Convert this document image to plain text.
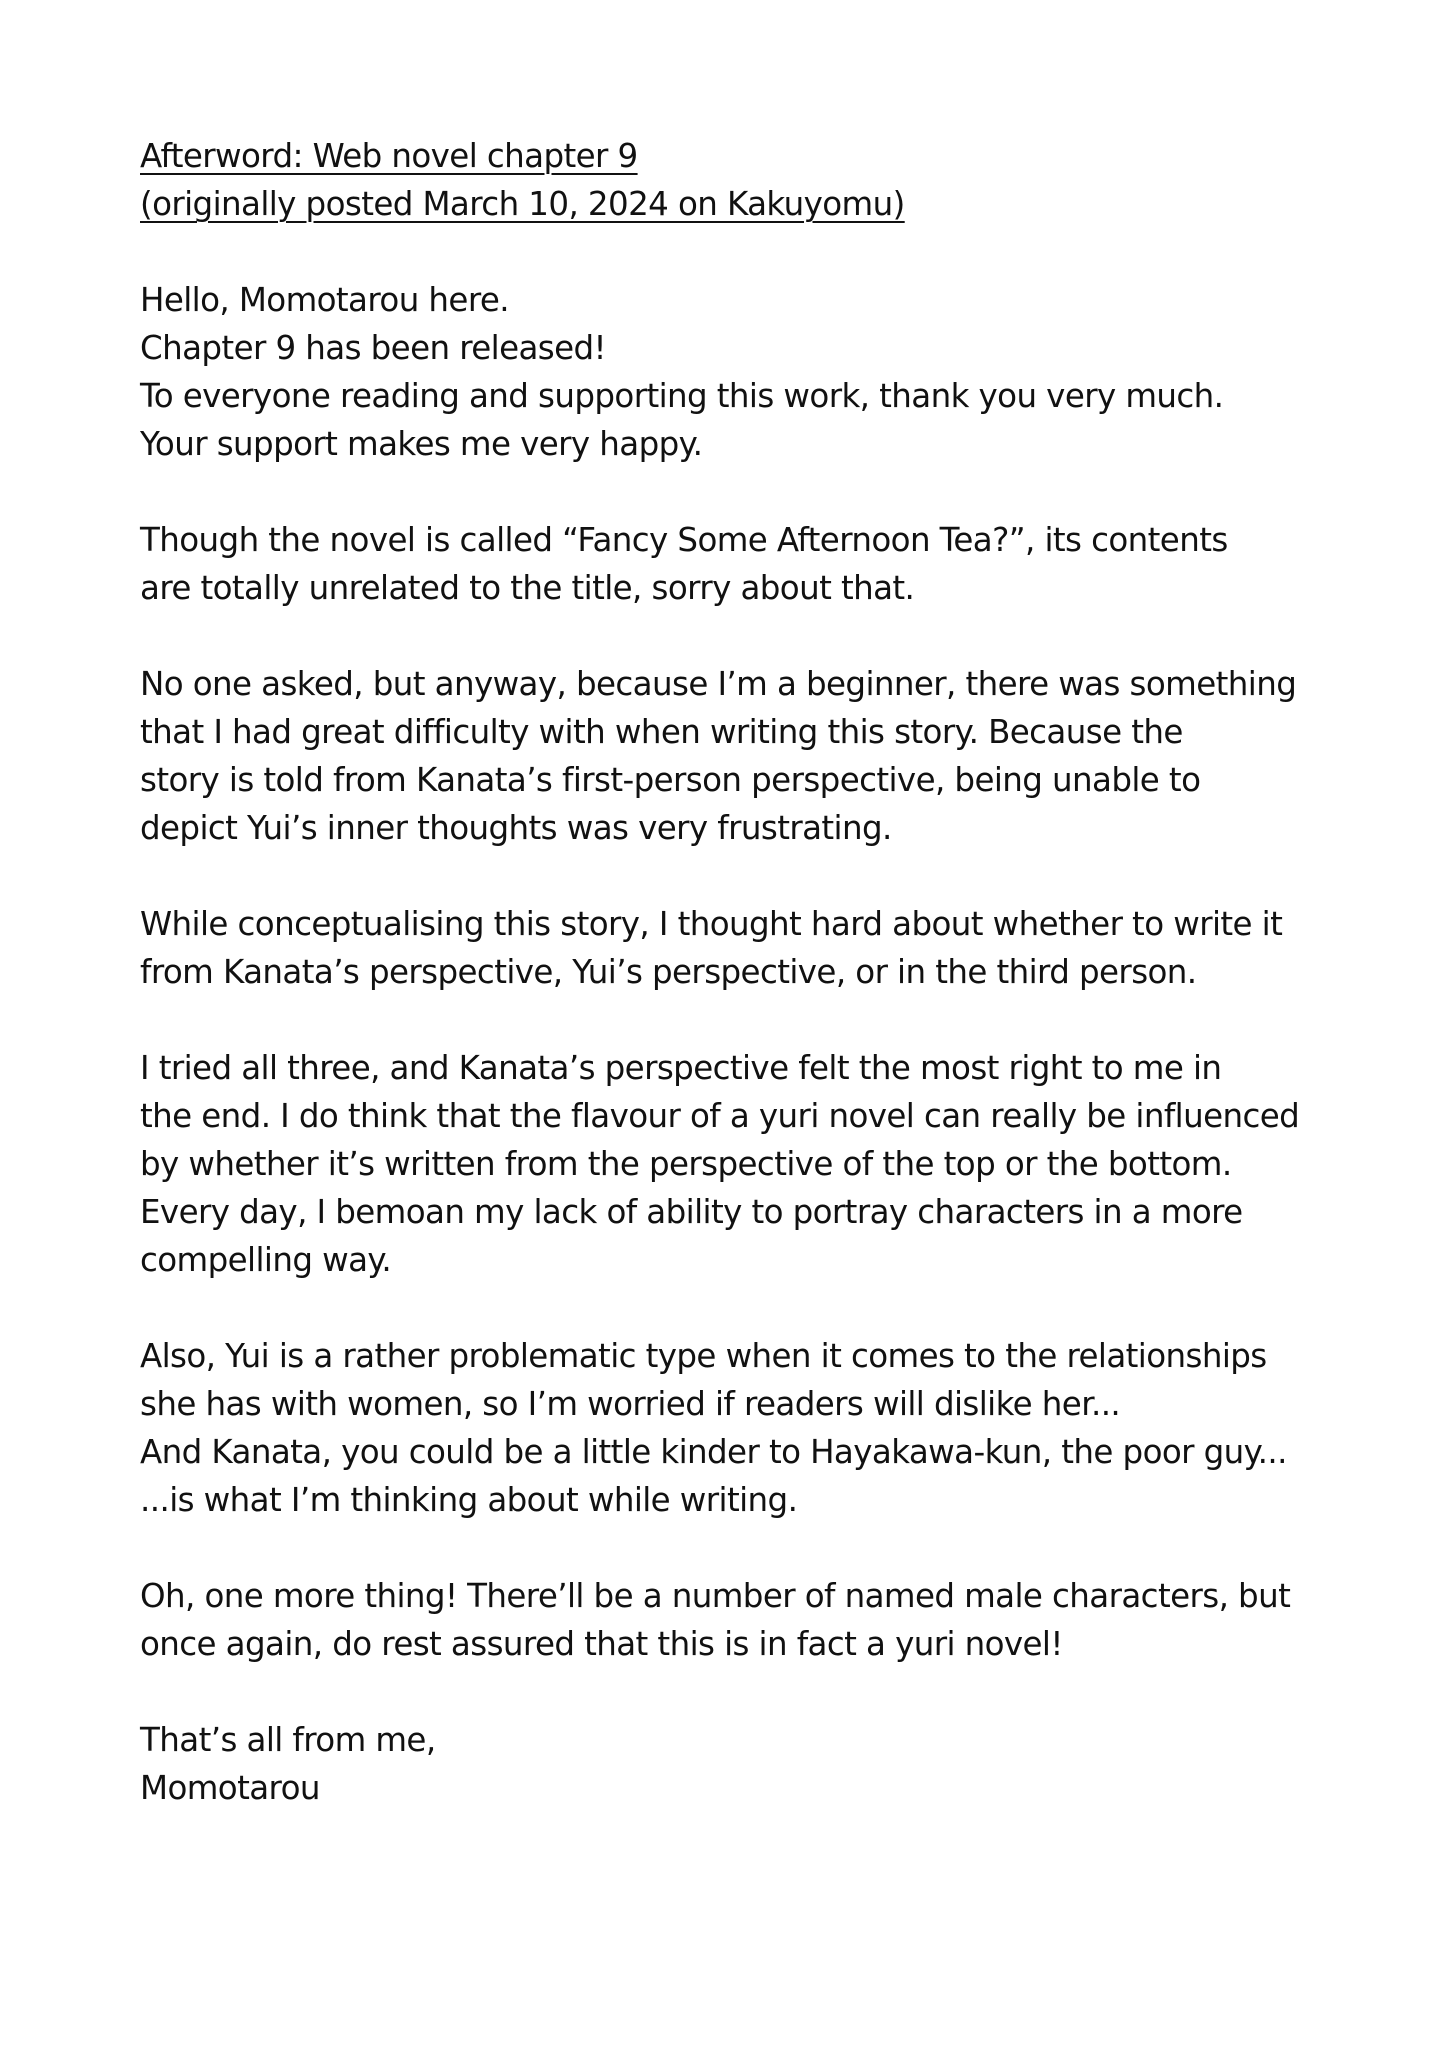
Afterword: Web novel chapter 9
(originally posted March 10, 2024 on Kakuyomu)
Hello, Momotarou here.
Chapter 9 has been released!
To everyone reading and supporting this work, thank you very much.
Your support makes me very happy.
Though the novel is called “Fancy Some Afternoon Tea?”, its contents
are totally unrelated to the title, sorry about that.
No one asked, but anyway, because I’m a beginner, there was something
that I had great difficulty with when writing this story. Because the
story is told from Kanata’s first-person perspective, being unable to
depict Yui’s inner thoughts was very frustrating.
While conceptualising this story, I thought hard about whether to write it
from Kanata’s perspective, Yui’s perspective, or in the third person.
I tried all three, and Kanata’s perspective felt the most right to me in
the end. I do think that the flavour of a yuri novel can really be influenced
by whether it’s written from the perspective of the top or the bottom.
Every day, I bemoan my lack of ability to portray characters in a more
compelling way.
Also, Yui is a rather problematic type when it comes to the relationships
she has with women, so I’m worried if readers will dislike her...
And Kanata, you could be a little kinder to Hayakawa-kun, the poor guy...
...is what I’m thinking about while writing.
Oh, one more thing! There’ll be a number of named male characters, but
once again, do rest assured that this is in fact a yuri novel!
That’s all from me,
Momotarou
